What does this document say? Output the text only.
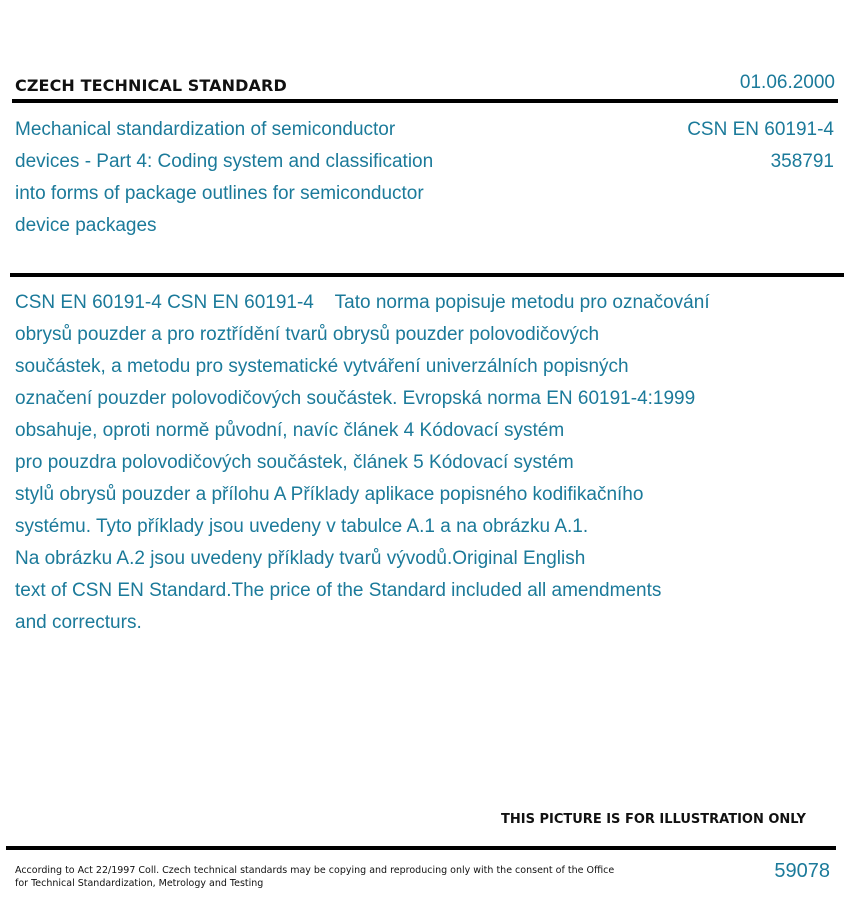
CZECH TECHNICAL STANDARD	01.06.2000
Mechanical standardization of semiconductor
devices - Part 4: Coding system and classification
into forms of package outlines for semiconductor
device packages
CSN EN 60191-4
358791
CSN EN 60191-4 CSN EN 60191-4    Tato norma popisuje metodu pro označování
obrysů pouzder a pro roztřídění tvarů obrysů pouzder polovodičových
součástek, a metodu pro systematické vytváření univerzálních popisných
označení pouzder polovodičových součástek. Evropská norma EN 60191-4:1999
obsahuje, oproti normě původní, navíc článek 4 Kódovací systém
pro pouzdra polovodičových součástek, článek 5 Kódovací systém
stylů obrysů pouzder a přílohu A Příklady aplikace popisného kodifikačního
systému. Tyto příklady jsou uvedeny v tabulce A.1 a na obrázku A.1.
Na obrázku A.2 jsou uvedeny příklady tvarů vývodů.Original English
text of CSN EN Standard.The price of the Standard included all amendments
and correcturs.
THIS PICTURE IS FOR ILLUSTRATION ONLY
According to Act 22/1997 Coll. Czech technical standards may be copying and reproducing only with the consent of the Office
for Technical Standardization, Metrology and Testing
59078
